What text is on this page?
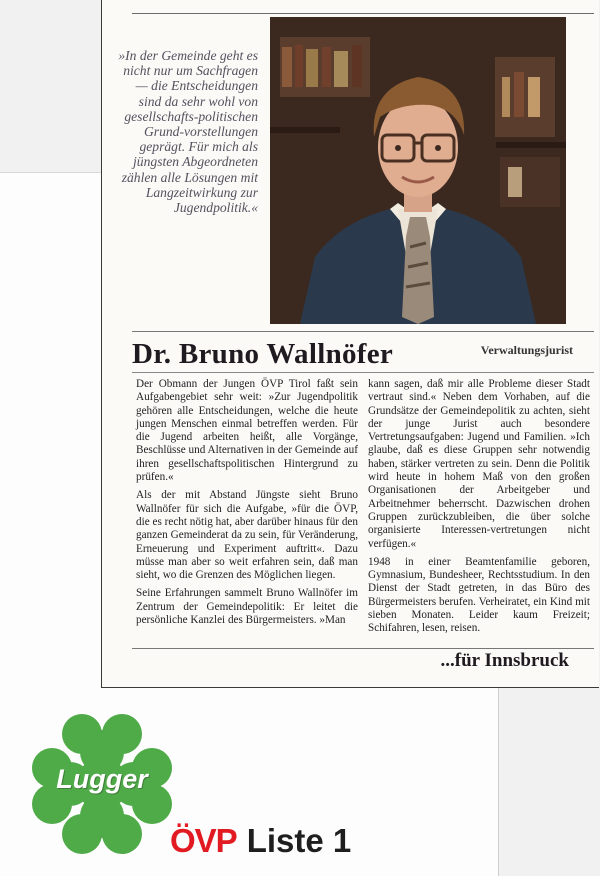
»In der Gemeinde geht es nicht nur um Sachfragen — die Entscheidungen sind da sehr wohl von gesellschafts-politischen Grund-vorstellungen geprägt. Für mich als jüngsten Abgeordneten zählen alle Lösungen mit Langzeitwirkung zur Jugendpolitik.«
Dr. Bruno Wallnöfer	Verwaltungsjurist

Der Obmann der Jungen ÖVP Tirol faßt sein Aufgabengebiet sehr weit: »Zur Jugendpolitik gehören alle Entscheidungen, welche die heute jungen Menschen einmal betreffen werden. Für die Jugend arbeiten heißt, alle Vorgänge, Beschlüsse und Alternativen in der Gemeinde auf ihren gesellschaftspolitischen Hintergrund zu prüfen.«

Als der mit Abstand Jüngste sieht Bruno Wallnöfer für sich die Aufgabe, »für die ÖVP, die es recht nötig hat, aber darüber hinaus für den ganzen Gemeinderat da zu sein, für Veränderung, Erneuerung und Experiment auftritt«. Dazu müsse man aber so weit erfahren sein, daß man sieht, wo die Grenzen des Möglichen liegen.

Seine Erfahrungen sammelt Bruno Wallnöfer im Zentrum der Gemeindepolitik: Er leitet die persönliche Kanzlei des Bürgermeisters. »Man

kann sagen, daß mir alle Probleme dieser Stadt vertraut sind.« Neben dem Vorhaben, auf die Grundsätze der Gemeindepolitik zu achten, sieht der junge Jurist auch besondere Vertretungsaufgaben: Jugend und Familien. »Ich glaube, daß es diese Gruppen sehr notwendig haben, stärker vertreten zu sein. Denn die Politik wird heute in hohem Maß von den großen Organisationen der Arbeitgeber und Arbeitnehmer beherrscht. Dazwischen drohen Gruppen zurückzubleiben, die über solche organisierte Interessen-vertretungen nicht verfügen.«

1948 in einer Beamtenfamilie geboren, Gymnasium, Bundesheer, Rechtsstudium. In den Dienst der Stadt getreten, in das Büro des Bürgermeisters berufen. Verheiratet, ein Kind mit sieben Monaten. Leider kaum Freizeit; Schifahren, lesen, reisen.

...für Innsbruck
Lugger
ÖVP Liste 1
